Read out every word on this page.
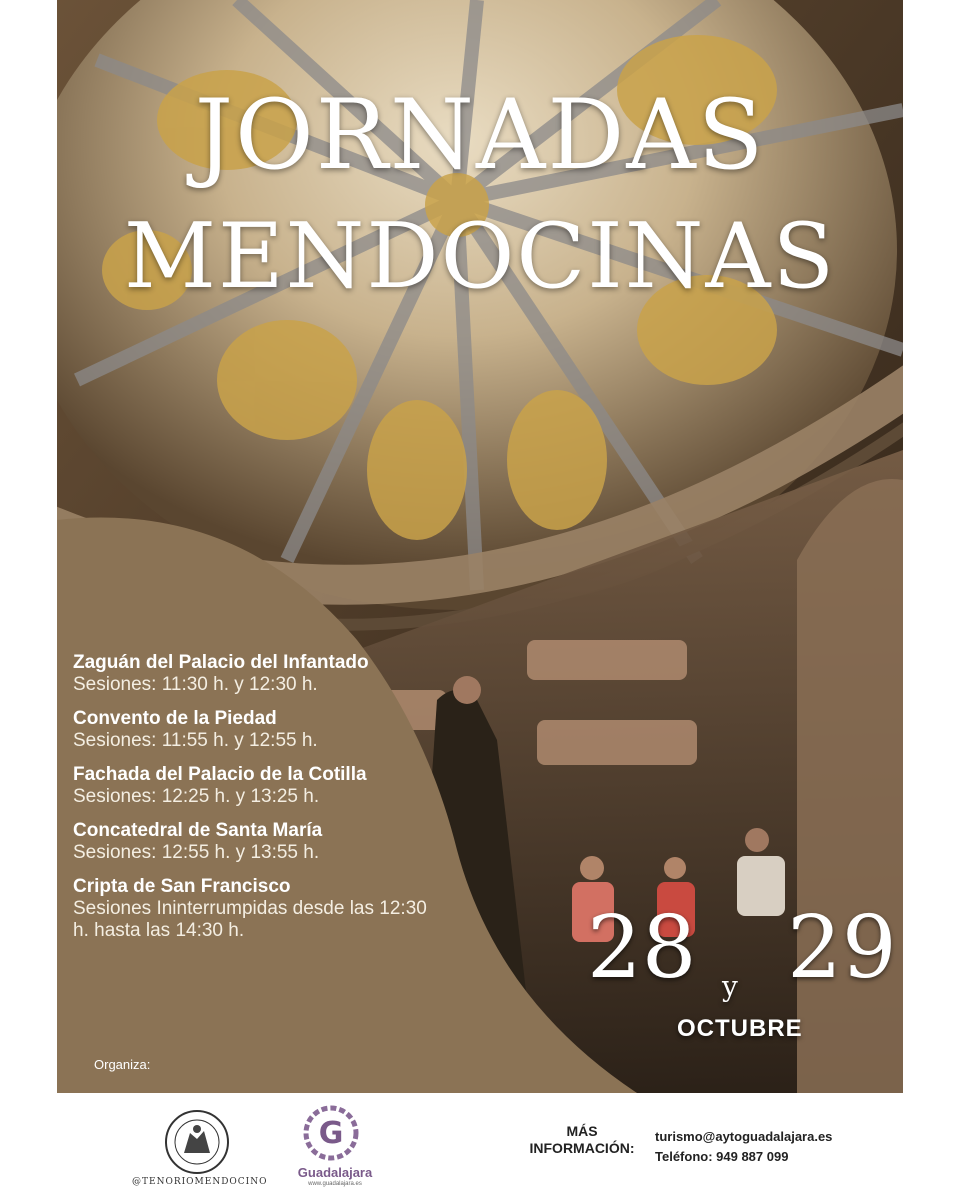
JORNADAS
MENDOCINAS
Zaguán del Palacio del Infantado
Sesiones: 11:30 h. y 12:30 h.
Convento de la Piedad
Sesiones: 11:55 h. y 12:55 h.
Fachada del Palacio de la Cotilla
Sesiones: 12:25 h. y 13:25 h.
Concatedral de Santa María
Sesiones: 12:55 h. y 13:55 h.
Cripta de San Francisco
Sesiones Ininterrumpidas desde las 12:30 h. hasta las 14:30 h.
Organiza:
28 29
y
OCTUBRE
@TENORIOMENDOCINO
G
Guadalajara
www.guadalajara.es
MÁS
INFORMACIÓN:
turismo@aytoguadalajara.es
Teléfono: 949 887 099
